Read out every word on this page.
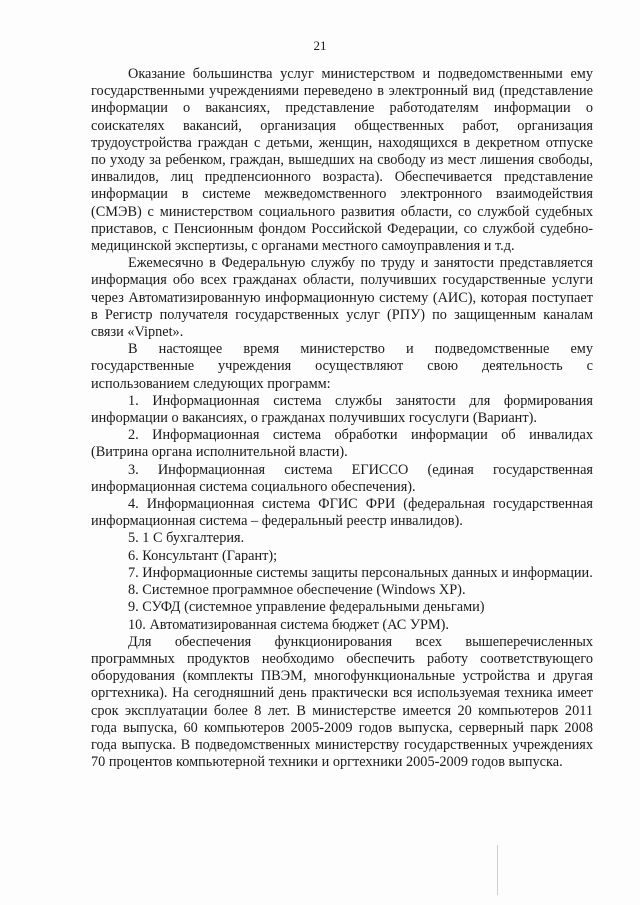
21

Оказание большинства услуг министерством и подведомственными ему государственными учреждениями переведено в электронный вид (представление информации о вакансиях, представление работодателям информации о соискателях вакансий, организация общественных работ, организация трудоустройства граждан с детьми, женщин, находящихся в декретном отпуске по уходу за ребенком, граждан, вышедших на свободу из мест лишения свободы, инвалидов, лиц предпенсионного возраста). Обеспечивается представление информации в системе межведомственного электронного взаимодействия (СМЭВ) с министерством социального развития области, со службой судебных приставов, с Пенсионным фондом Российской Федерации, со службой судебно-медицинской экспертизы, с органами местного самоуправления и т.д.

Ежемесячно в Федеральную службу по труду и занятости представляется информация обо всех гражданах области, получивших государственные услуги через Автоматизированную информационную систему (АИС), которая поступает в Регистр получателя государственных услуг (РПУ) по защищенным каналам связи «Vipnet».

В настоящее время министерство и подведомственные ему государственные учреждения осуществляют свою деятельность с использованием следующих программ:

1. Информационная система службы занятости для формирования информации о вакансиях, о гражданах получивших госуслуги (Вариант).

2. Информационная система обработки информации об инвалидах (Витрина органа исполнительной власти).

3. Информационная система ЕГИССО (единая государственная информационная система социального обеспечения).

4. Информационная система ФГИС ФРИ (федеральная государственная информационная система – федеральный реестр инвалидов).

5. 1 С бухгалтерия.

6. Консультант (Гарант);

7. Информационные системы защиты персональных данных и информации.

8. Системное программное обеспечение (Windows XP).

9. СУФД (системное управление федеральными деньгами)

10. Автоматизированная система бюджет (АС УРМ).

Для обеспечения функционирования всех вышеперечисленных программных продуктов необходимо обеспечить работу соответствующего оборудования (комплекты ПВЭМ, многофункциональные устройства и другая оргтехника). На сегодняшний день практически вся используемая техника имеет срок эксплуатации более 8 лет. В министерстве имеется 20 компьютеров 2011 года выпуска, 60 компьютеров 2005-2009 годов выпуска, серверный парк 2008 года выпуска. В подведомственных министерству государственных учреждениях 70 процентов компьютерной техники и оргтехники 2005-2009 годов выпуска.
